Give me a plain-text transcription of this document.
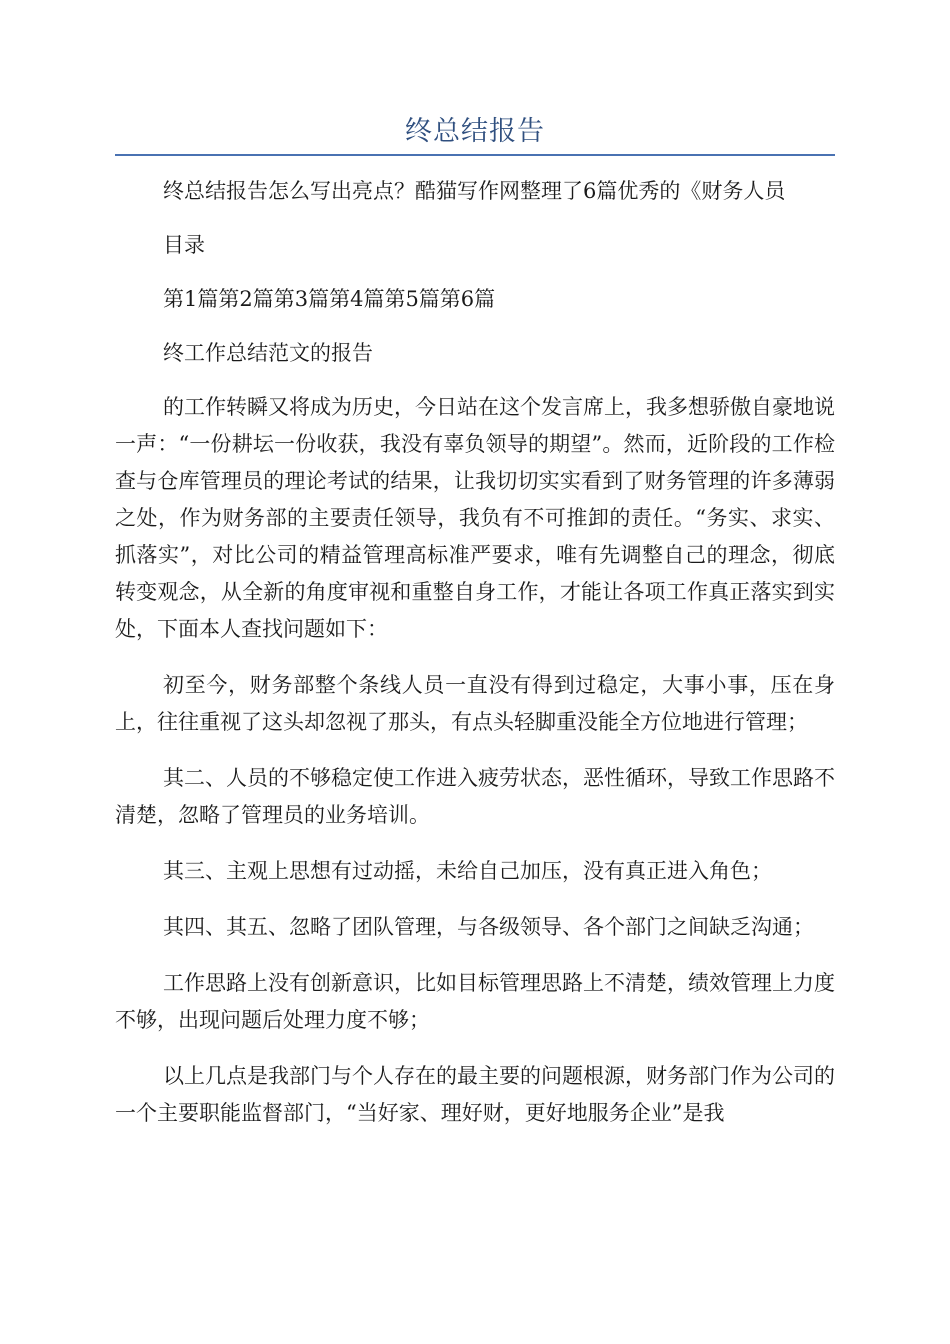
终总结报告

终总结报告怎么写出亮点？酷猫写作网整理了6篇优秀的《财务人员

目录

第1篇第2篇第3篇第4篇第5篇第6篇

终工作总结范文的报告

的工作转瞬又将成为历史，今日站在这个发言席上，我多想骄傲自豪地说一声：“一份耕坛一份收获，我没有辜负领导的期望”。然而，近阶段的工作检查与仓库管理员的理论考试的结果，让我切切实实看到了财务管理的许多薄弱之处，作为财务部的主要责任领导，我负有不可推卸的责任。“务实、求实、抓落实”，对比公司的精益管理高标准严要求，唯有先调整自己的理念，彻底转变观念，从全新的角度审视和重整自身工作，才能让各项工作真正落实到实处，下面本人查找问题如下：

初至今，财务部整个条线人员一直没有得到过稳定，大事小事，压在身上，往往重视了这头却忽视了那头，有点头轻脚重没能全方位地进行管理；

其二、人员的不够稳定使工作进入疲劳状态，恶性循环，导致工作思路不清楚，忽略了管理员的业务培训。

其三、主观上思想有过动摇，未给自己加压，没有真正进入角色；

其四、其五、忽略了团队管理，与各级领导、各个部门之间缺乏沟通；

工作思路上没有创新意识，比如目标管理思路上不清楚，绩效管理上力度不够，出现问题后处理力度不够；

以上几点是我部门与个人存在的最主要的问题根源，财务部门作为公司的一个主要职能监督部门，“当好家、理好财，更好地服务企业”是我
